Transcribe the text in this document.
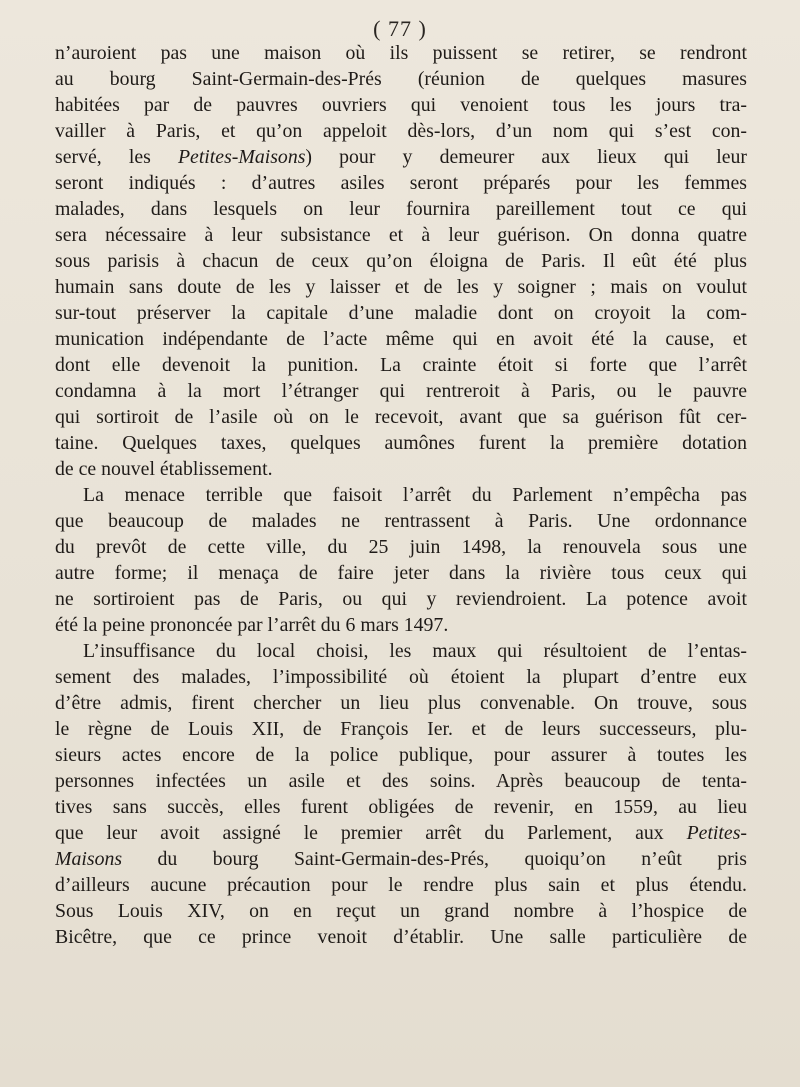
( 77 )
n’auroient pas une maison où ils puissent se retirer, se rendront
au bourg Saint-Germain-des-Prés (réunion de quelques masures
habitées par de pauvres ouvriers qui venoient tous les jours tra-
vailler à Paris, et qu’on appeloit dès-lors, d’un nom qui s’est con-
servé, les Petites-Maisons) pour y demeurer aux lieux qui leur
seront indiqués : d’autres asiles seront préparés pour les femmes
malades, dans lesquels on leur fournira pareillement tout ce qui
sera nécessaire à leur subsistance et à leur guérison. On donna quatre
sous parisis à chacun de ceux qu’on éloigna de Paris. Il eût été plus
humain sans doute de les y laisser et de les y soigner ; mais on voulut
sur-tout préserver la capitale d’une maladie dont on croyoit la com-
munication indépendante de l’acte même qui en avoit été la cause, et
dont elle devenoit la punition. La crainte étoit si forte que l’arrêt
condamna à la mort l’étranger qui rentreroit à Paris, ou le pauvre
qui sortiroit de l’asile où on le recevoit, avant que sa guérison fût cer-
taine. Quelques taxes, quelques aumônes furent la première dotation
de ce nouvel établissement.
La menace terrible que faisoit l’arrêt du Parlement n’empêcha pas
que beaucoup de malades ne rentrassent à Paris. Une ordonnance
du prevôt de cette ville, du 25 juin 1498, la renouvela sous une
autre forme; il menaça de faire jeter dans la rivière tous ceux qui
ne sortiroient pas de Paris, ou qui y reviendroient. La potence avoit
été la peine prononcée par l’arrêt du 6 mars 1497.
L’insuffisance du local choisi, les maux qui résultoient de l’entas-
sement des malades, l’impossibilité où étoient la plupart d’entre eux
d’être admis, firent chercher un lieu plus convenable. On trouve, sous
le règne de Louis XII, de François Ier. et de leurs successeurs, plu-
sieurs actes encore de la police publique, pour assurer à toutes les
personnes infectées un asile et des soins. Après beaucoup de tenta-
tives sans succès, elles furent obligées de revenir, en 1559, au lieu
que leur avoit assigné le premier arrêt du Parlement, aux Petites-
Maisons du bourg Saint-Germain-des-Prés, quoiqu’on n’eût pris
d’ailleurs aucune précaution pour le rendre plus sain et plus étendu.
Sous Louis XIV, on en reçut un grand nombre à l’hospice de
Bicêtre, que ce prince venoit d’établir. Une salle particulière de
